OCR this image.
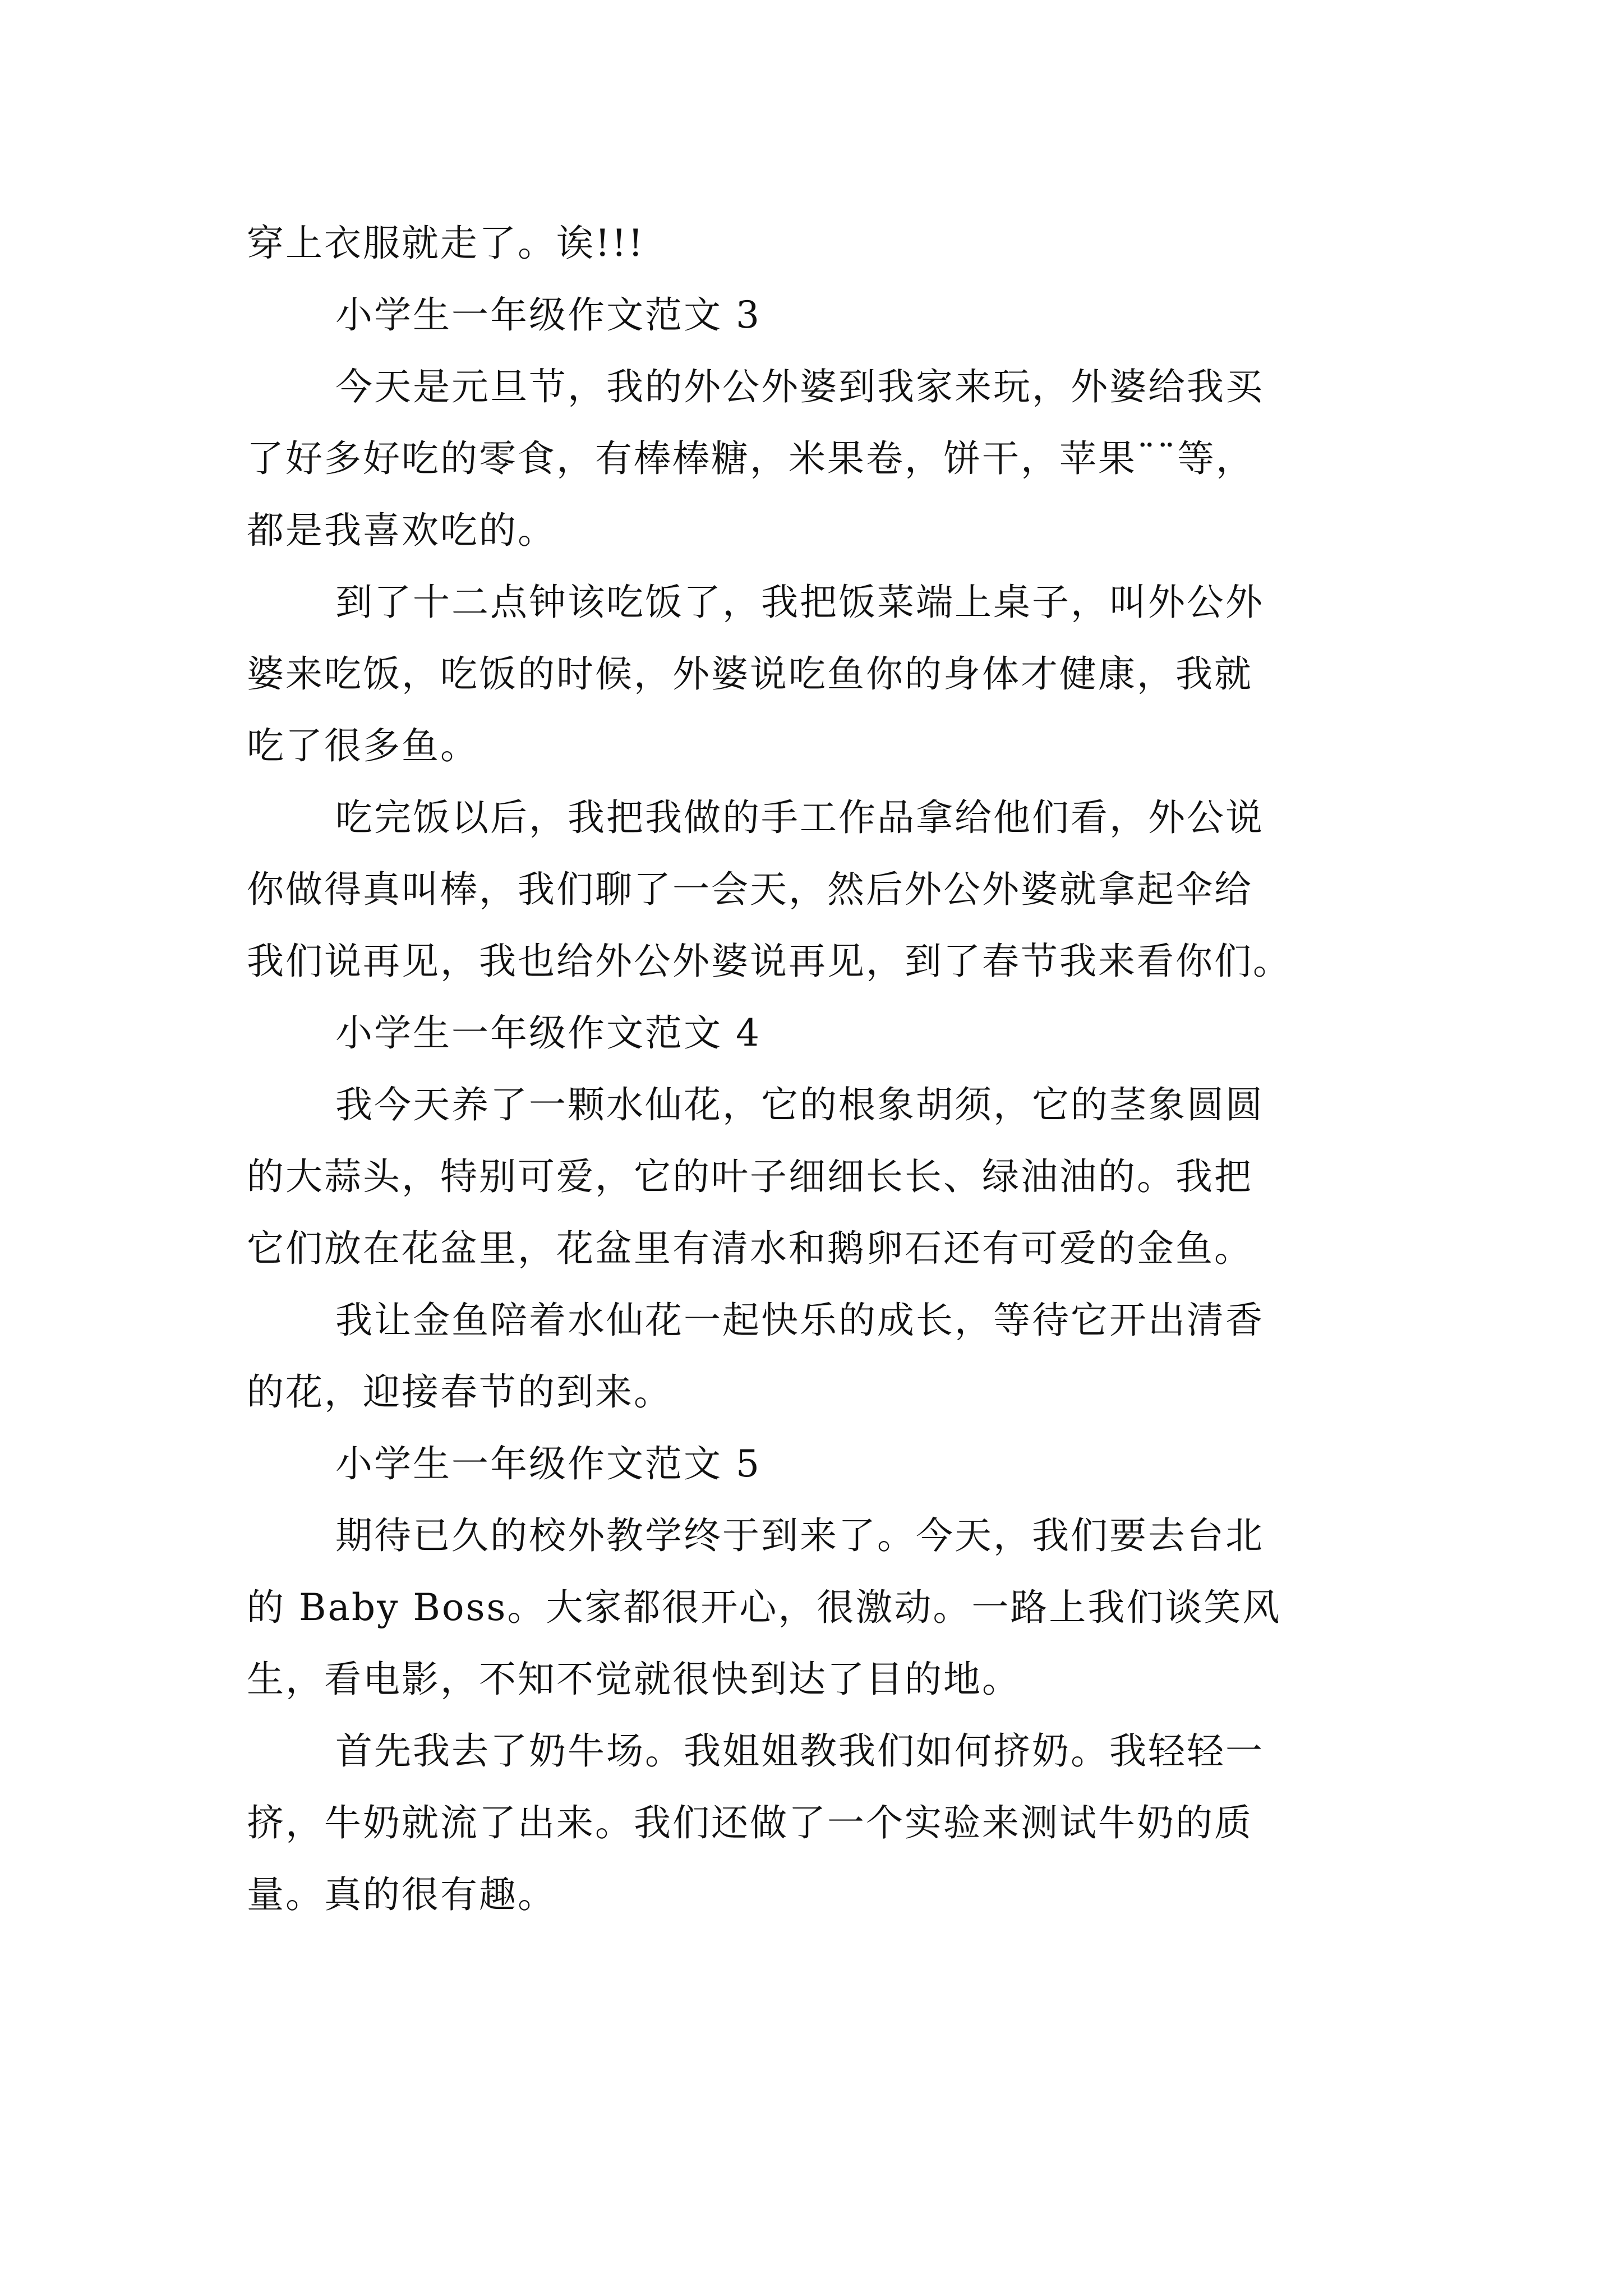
穿上衣服就走了。诶!!!

小学生一年级作文范文 3

今天是元旦节，我的外公外婆到我家来玩，外婆给我买

了好多好吃的零食，有棒棒糖，米果卷，饼干，苹果¨¨等，

都是我喜欢吃的。

到了十二点钟该吃饭了，我把饭菜端上桌子，叫外公外

婆来吃饭，吃饭的时候，外婆说吃鱼你的身体才健康，我就

吃了很多鱼。

吃完饭以后，我把我做的手工作品拿给他们看，外公说

你做得真叫棒，我们聊了一会天，然后外公外婆就拿起伞给

我们说再见，我也给外公外婆说再见，到了春节我来看你们。

小学生一年级作文范文 4

我今天养了一颗水仙花，它的根象胡须，它的茎象圆圆

的大蒜头，特别可爱，它的叶子细细长长、绿油油的。我把

它们放在花盆里，花盆里有清水和鹅卵石还有可爱的金鱼。

我让金鱼陪着水仙花一起快乐的成长，等待它开出清香

的花，迎接春节的到来。

小学生一年级作文范文 5

期待已久的校外教学终于到来了。今天，我们要去台北

的 Baby Boss。大家都很开心，很激动。一路上我们谈笑风

生，看电影，不知不觉就很快到达了目的地。

首先我去了奶牛场。我姐姐教我们如何挤奶。我轻轻一

挤，牛奶就流了出来。我们还做了一个实验来测试牛奶的质

量。真的很有趣。
